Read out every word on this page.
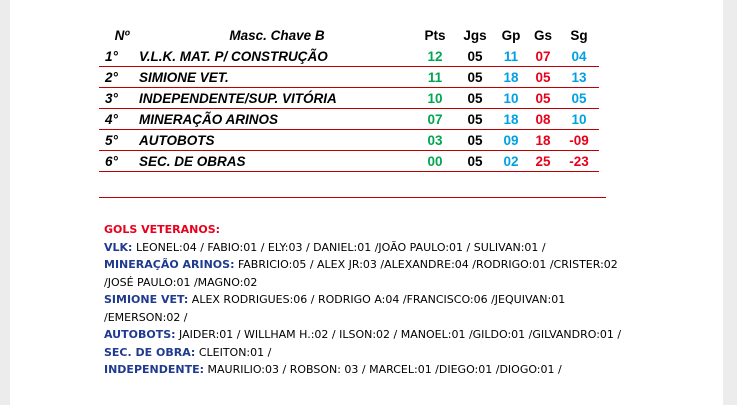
Nº	Masc. Chave B	Pts	Jgs	Gp	Gs	Sg
1°	V.L.K. MAT. P/ CONSTRUÇÃO	12	05	11	07	04
2°	SIMIONE VET.	11	05	18	05	13
3°	INDEPENDENTE/SUP. VITÓRIA	10	05	10	05	05
4°	MINERAÇÃO ARINOS	07	05	18	08	10
5°	AUTOBOTS	03	05	09	18	-09
6°	SEC. DE OBRAS	00	05	02	25	-23

GOLS VETERANOS:
VLK: LEONEL:04 / FABIO:01 / ELY:03 / DANIEL:01 /JOÃO PAULO:01 / SULIVAN:01 /
MINERAÇÃO ARINOS: FABRICIO:05 / ALEX JR:03 /ALEXANDRE:04 /RODRIGO:01 /CRISTER:02 /JOSÉ PAULO:01 /MAGNO:02
SIMIONE VET: ALEX RODRIGUES:06 / RODRIGO A:04 /FRANCISCO:06 /JEQUIVAN:01 /EMERSON:02 /
AUTOBOTS: JAIDER:01 / WILLHAM H.:02 / ILSON:02 / MANOEL:01 /GILDO:01 /GILVANDRO:01 /
SEC. DE OBRA: CLEITON:01 /
INDEPENDENTE: MAURILIO:03 / ROBSON: 03 / MARCEL:01 /DIEGO:01 /DIOGO:01 /
